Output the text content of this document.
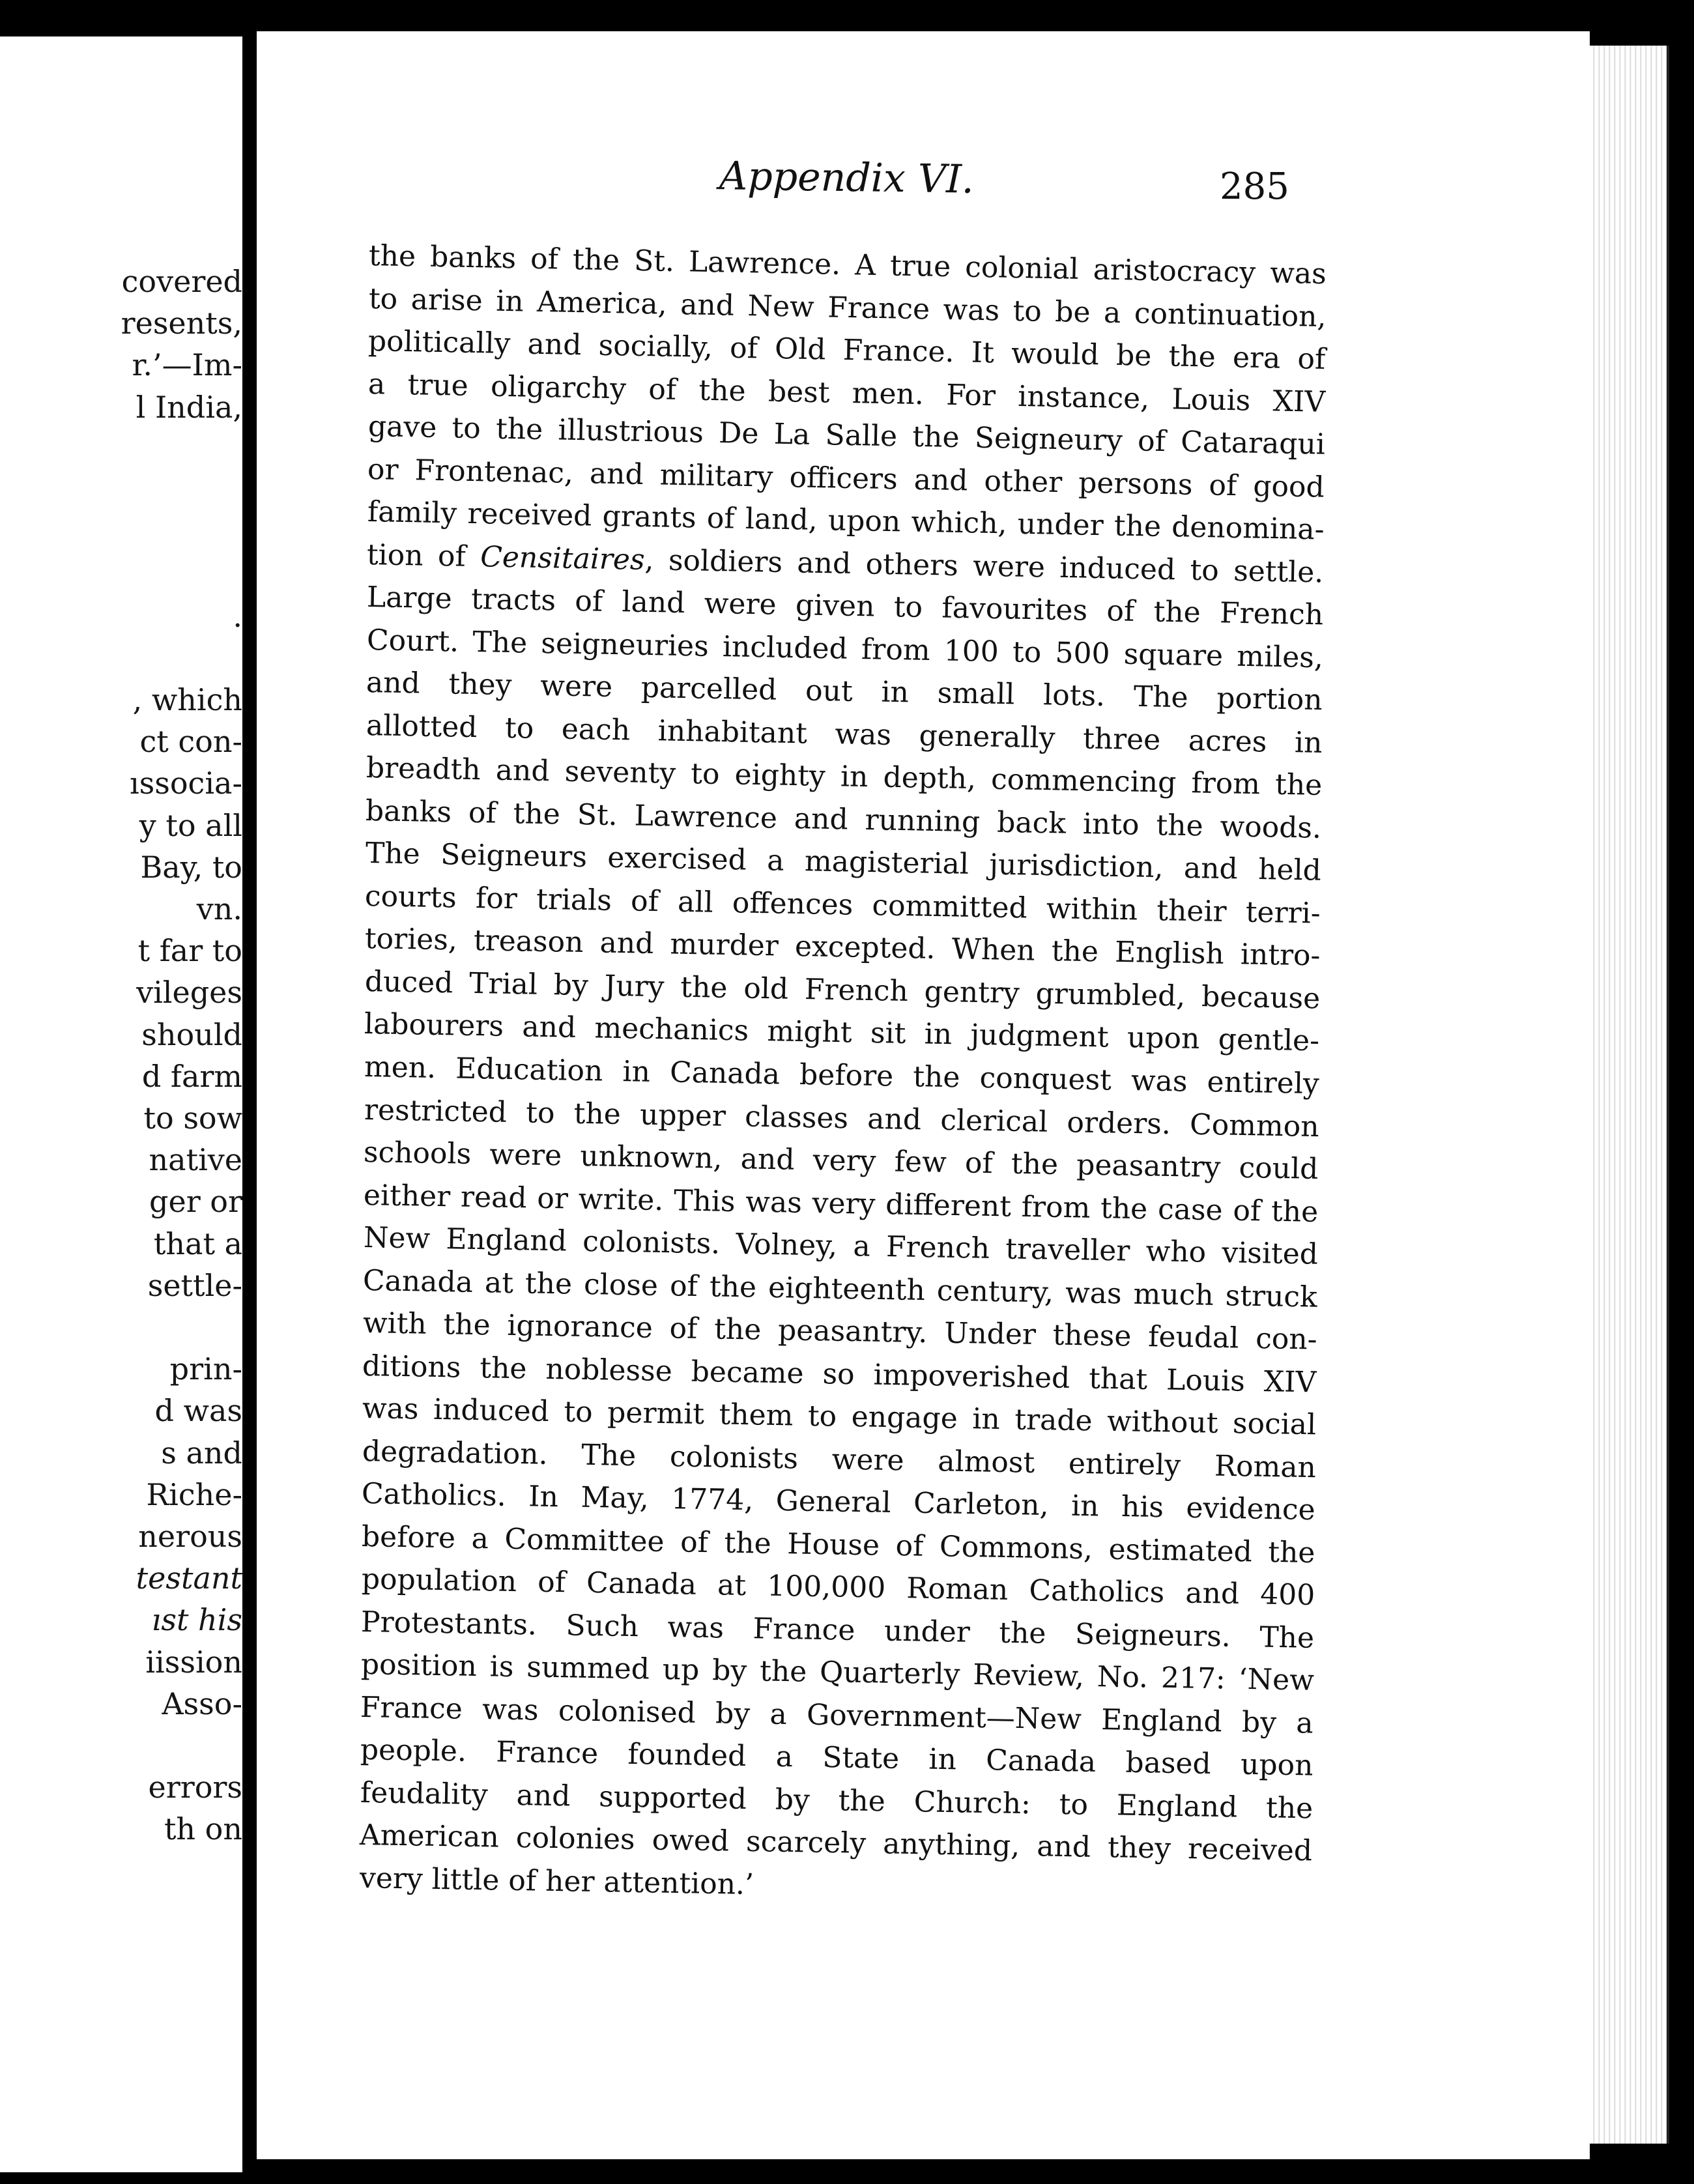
covered
resents,
r.’—Im-
l India,
.
, which
ct con-
ıssocia-
y to all
Bay, to
vn.
t far to
vileges
should
d farm
to sow
native
ger or
that a
settle-
prin-
d was
s and
Riche-
nerous
testant
ıst his
iission
Asso-
errors
th on
Appendix VI.	285
the banks of the St. Lawrence. A true colonial aristocracy was
to arise in America, and New France was to be a continuation,
politically and socially, of Old France. It would be the era of
a true oligarchy of the best men. For instance, Louis XIV
gave to the illustrious De La Salle the Seigneury of Cataraqui
or Frontenac, and military officers and other persons of good
family received grants of land, upon which, under the denomina-
tion of Censitaires, soldiers and others were induced to settle.
Large tracts of land were given to favourites of the French
Court. The seigneuries included from 100 to 500 square miles,
and they were parcelled out in small lots. The portion
allotted to each inhabitant was generally three acres in
breadth and seventy to eighty in depth, commencing from the
banks of the St. Lawrence and running back into the woods.
The Seigneurs exercised a magisterial jurisdiction, and held
courts for trials of all offences committed within their terri-
tories, treason and murder excepted. When the English intro-
duced Trial by Jury the old French gentry grumbled, because
labourers and mechanics might sit in judgment upon gentle-
men. Education in Canada before the conquest was entirely
restricted to the upper classes and clerical orders. Common
schools were unknown, and very few of the peasantry could
either read or write. This was very different from the case of the
New England colonists. Volney, a French traveller who visited
Canada at the close of the eighteenth century, was much struck
with the ignorance of the peasantry. Under these feudal con-
ditions the noblesse became so impoverished that Louis XIV
was induced to permit them to engage in trade without social
degradation. The colonists were almost entirely Roman
Catholics. In May, 1774, General Carleton, in his evidence
before a Committee of the House of Commons, estimated the
population of Canada at 100,000 Roman Catholics and 400
Protestants. Such was France under the Seigneurs. The
position is summed up by the Quarterly Review, No. 217: ‘New
France was colonised by a Government—New England by a
people. France founded a State in Canada based upon
feudality and supported by the Church: to England the
American colonies owed scarcely anything, and they received
very little of her attention.’
